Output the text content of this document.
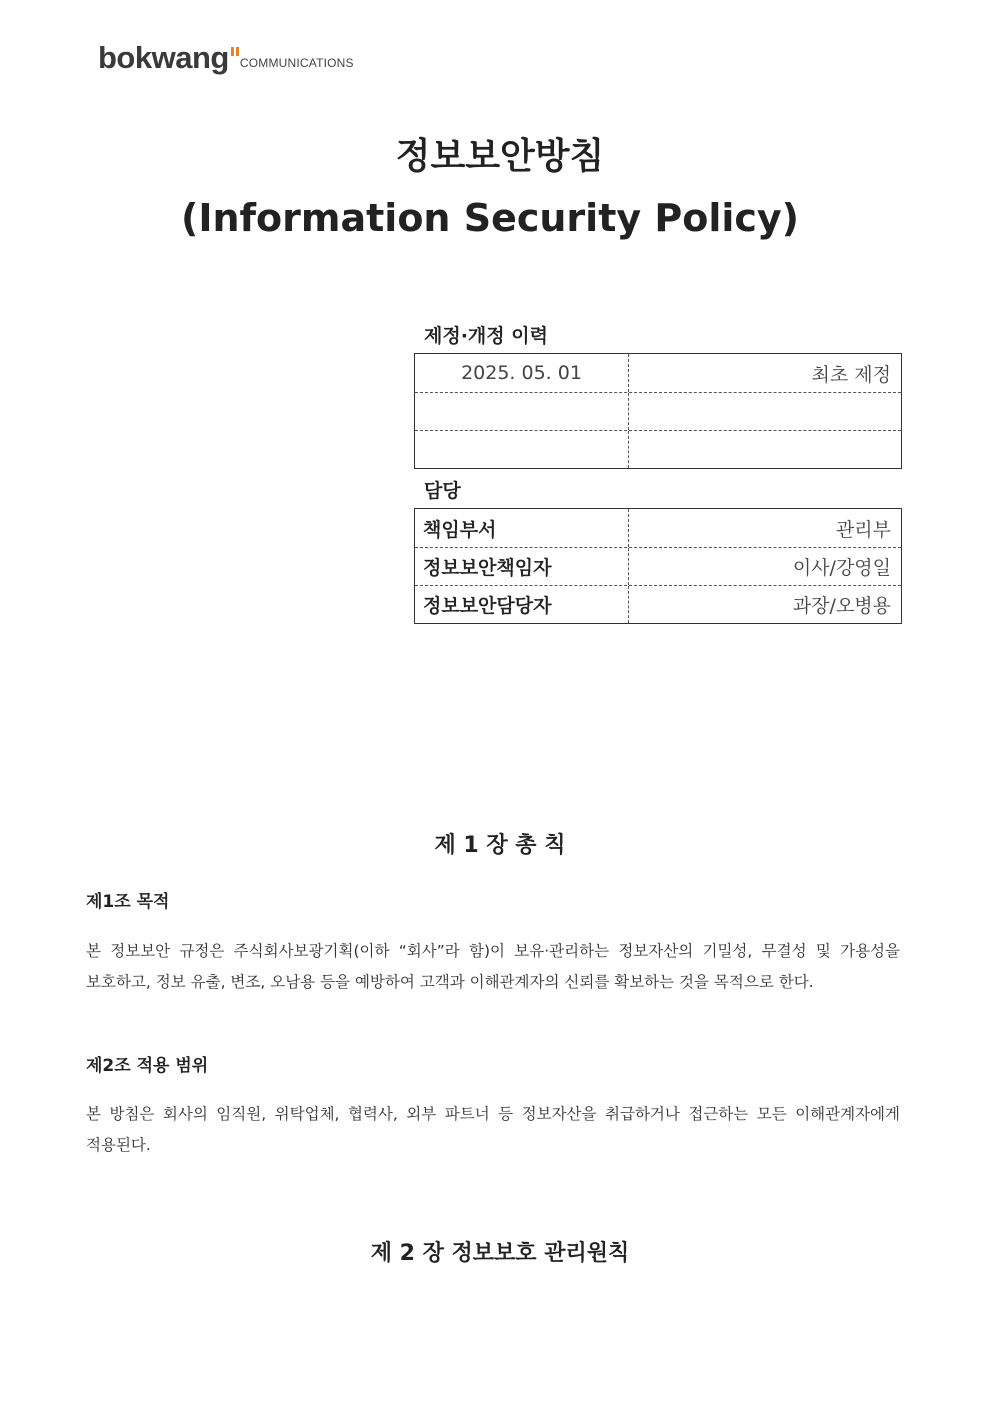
bokwang COMMUNICATIONS
정보보안방침
(Information Security Policy)
제정·개정 이력
2025. 05. 01	최초 제정
담당
책임부서	관리부
정보보안책임자	이사/강영일
정보보안담당자	과장/오병용
제 1 장 총 칙
제1조 목적
본 정보보안 규정은 주식회사보광기획(이하 “회사”라 함)이 보유·관리하는 정보자산의 기밀성, 무결성 및 가용성을 보호하고, 정보 유출, 변조, 오남용 등을 예방하여 고객과 이해관계자의 신뢰를 확보하는 것을 목적으로 한다.
제2조 적용 범위
본 방침은 회사의 임직원, 위탁업체, 협력사, 외부 파트너 등 정보자산을 취급하거나 접근하는 모든 이해관계자에게 적용된다.
제 2 장 정보보호 관리원칙
